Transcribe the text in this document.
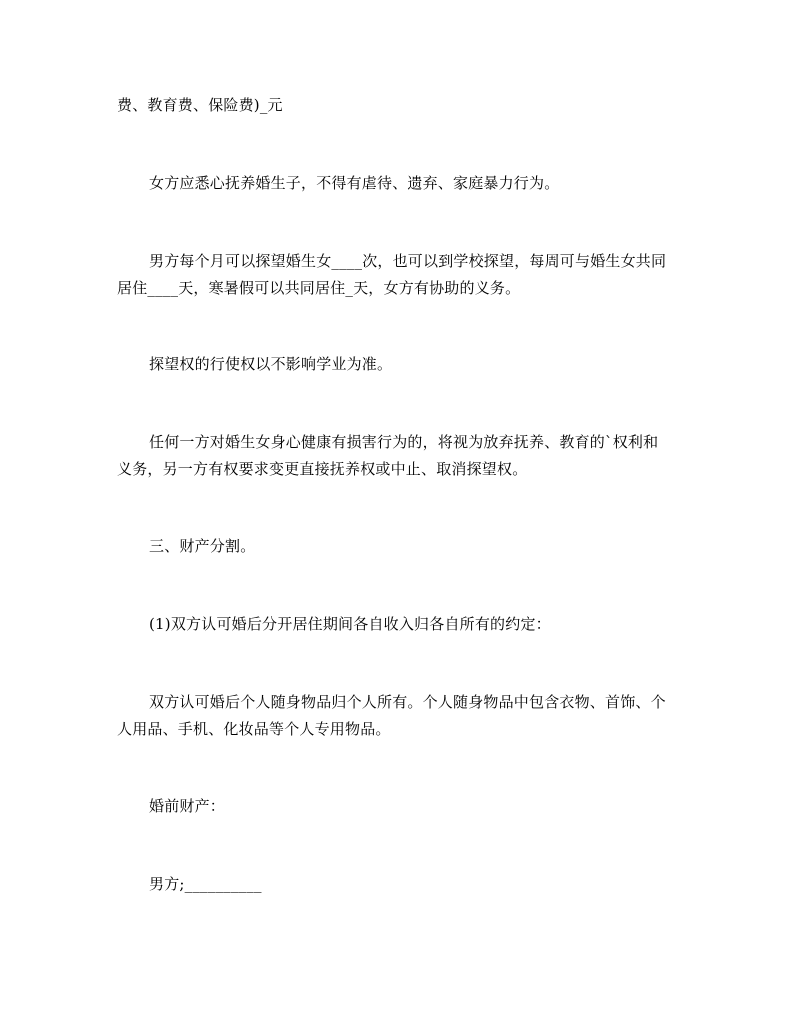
费、教育费、保险费)_元

女方应悉心抚养婚生子，不得有虐待、遗弃、家庭暴力行为。

男方每个月可以探望婚生女____次，也可以到学校探望，每周可与婚生女共同
居住____天，寒暑假可以共同居住_天，女方有协助的义务。

探望权的行使权以不影响学业为准。

任何一方对婚生女身心健康有损害行为的，将视为放弃抚养、教育的`权利和
义务，另一方有权要求变更直接抚养权或中止、取消探望权。

三、财产分割。

(1)双方认可婚后分开居住期间各自收入归各自所有的约定：

双方认可婚后个人随身物品归个人所有。个人随身物品中包含衣物、首饰、个
人用品、手机、化妆品等个人专用物品。

婚前财产：

男方;__________
